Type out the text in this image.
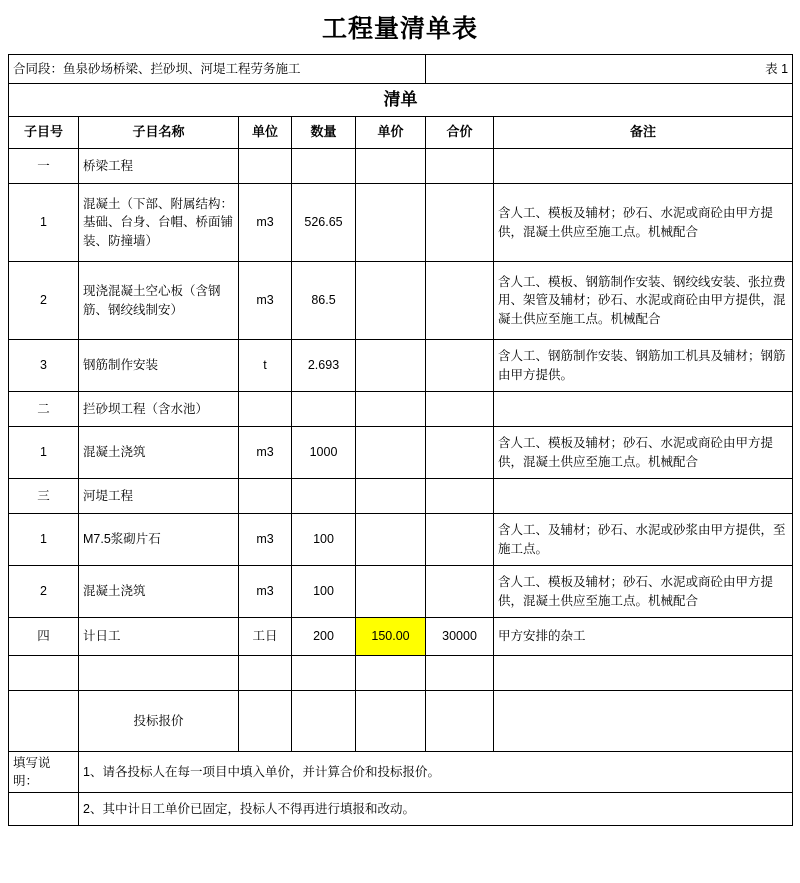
工程量清单表
合同段：鱼泉砂场桥梁、拦砂坝、河堤工程劳务施工					表 1	
清单						
子目号	子目名称	单位	数量	单价	合价	备注
一	桥梁工程					
1	混凝土（下部、附属结构：基础、台身、台帽、桥面铺装、防撞墙）	m3	526.65			含人工、模板及辅材；砂石、水泥或商砼由甲方提供，混凝土供应至施工点。机械配合
2	现浇混凝土空心板（含钢筋、钢绞线制安）	m3	86.5			含人工、模板、钢筋制作安装、钢绞线安装、张拉费用、架管及辅材；砂石、水泥或商砼由甲方提供，混凝土供应至施工点。机械配合
3	钢筋制作安装	t	2.693			含人工、钢筋制作安装、钢筋加工机具及辅材；钢筋由甲方提供。
二	拦砂坝工程（含水池）					
1	混凝土浇筑	m3	1000			含人工、模板及辅材；砂石、水泥或商砼由甲方提供，混凝土供应至施工点。机械配合
三	河堤工程					
1	M7.5浆砌片石	m3	100			含人工、及辅材；砂石、水泥或砂浆由甲方提供，至施工点。
2	混凝土浇筑	m3	100			含人工、模板及辅材；砂石、水泥或商砼由甲方提供，混凝土供应至施工点。机械配合
四	计日工	工日	200	150.00	30000	甲方安排的杂工

	投标报价					
填写说明：	1、请各投标人在每一项目中填入单价，并计算合价和投标报价。					
	2、其中计日工单价已固定，投标人不得再进行填报和改动。					
